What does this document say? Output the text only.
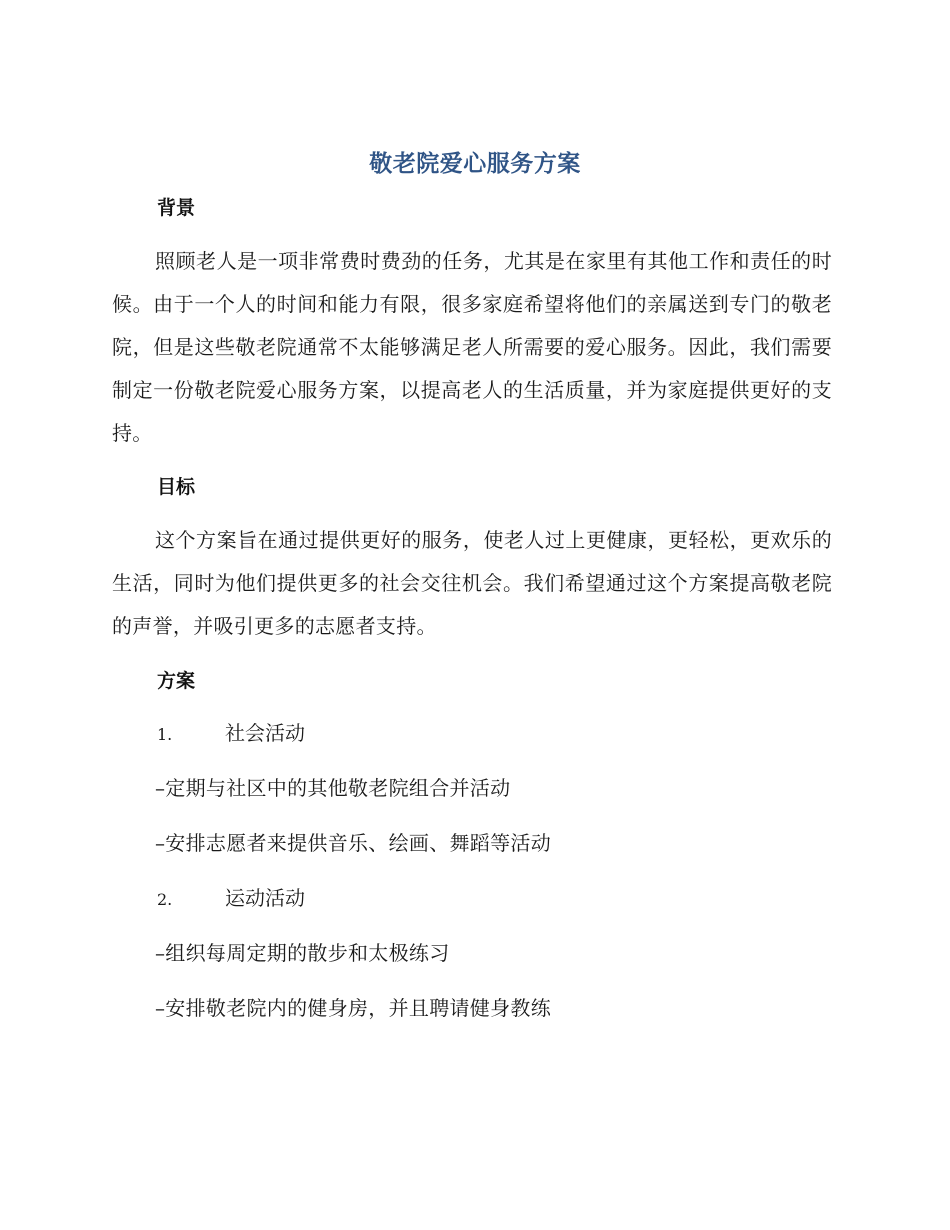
敬老院爱心服务方案
背景
照顾老人是一项非常费时费劲的任务，尤其是在家里有其他工作和责任的时候。由于一个人的时间和能力有限，很多家庭希望将他们的亲属送到专门的敬老院，但是这些敬老院通常不太能够满足老人所需要的爱心服务。因此，我们需要制定一份敬老院爱心服务方案，以提高老人的生活质量，并为家庭提供更好的支持。
目标
这个方案旨在通过提供更好的服务，使老人过上更健康，更轻松，更欢乐的生活，同时为他们提供更多的社会交往机会。我们希望通过这个方案提高敬老院的声誉，并吸引更多的志愿者支持。
方案
1.	社会活动
–定期与社区中的其他敬老院组合并活动
–安排志愿者来提供音乐、绘画、舞蹈等活动
2.	运动活动
–组织每周定期的散步和太极练习
–安排敬老院内的健身房，并且聘请健身教练
